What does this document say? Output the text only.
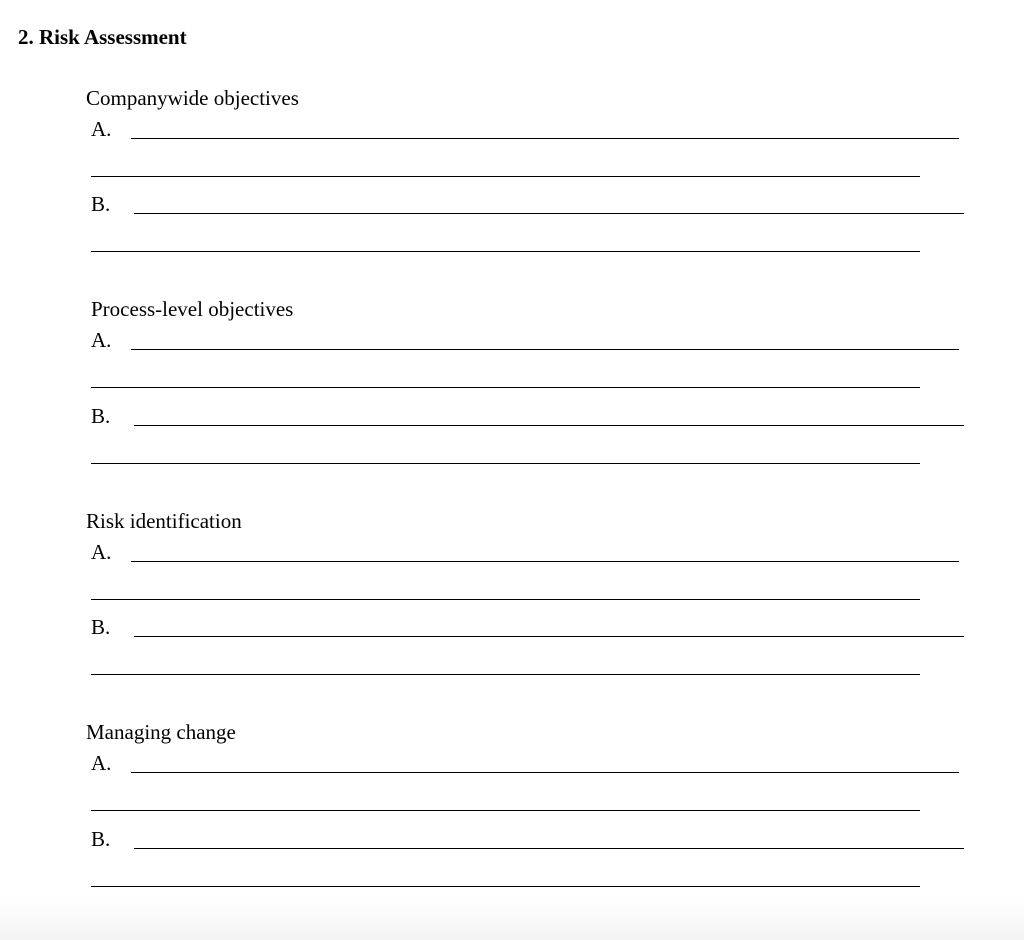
2. Risk Assessment
Companywide objectives
A.
B.
Process-level objectives
A.
B.
Risk identification
A.
B.
Managing change
A.
B.
